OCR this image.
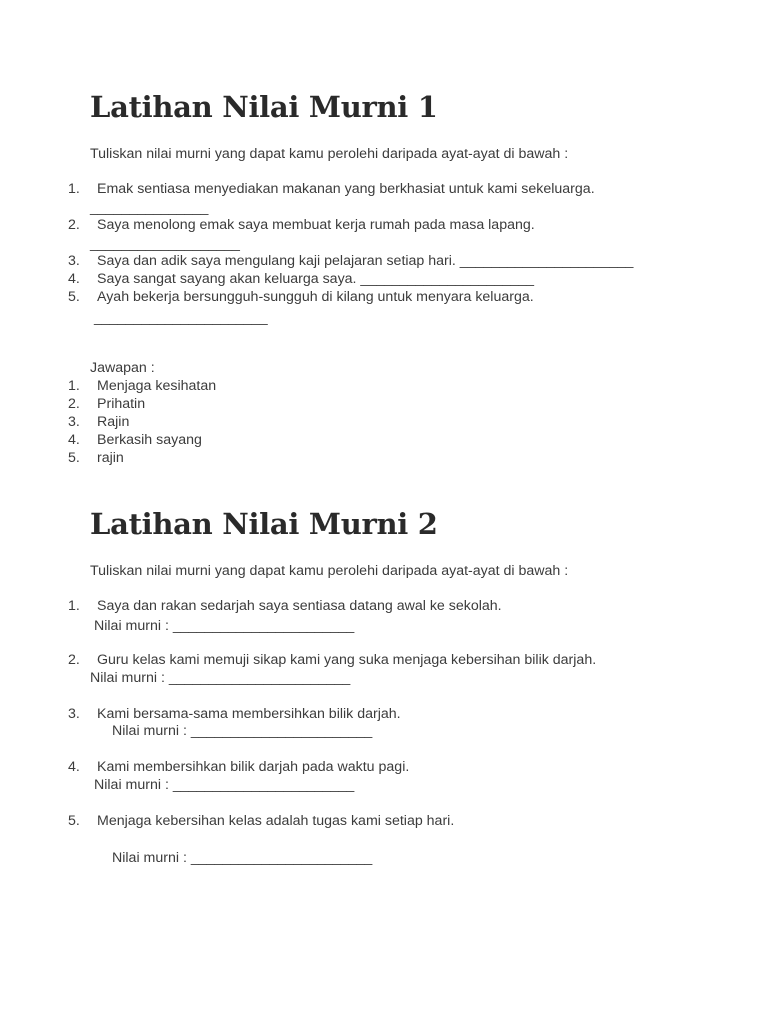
Latihan Nilai Murni 1
Tuliskan nilai murni yang dapat kamu perolehi daripada ayat-ayat di bawah :
1. Emak sentiasa menyediakan makanan yang berkhasiat untuk kami sekeluarga.
_______________
2. Saya menolong emak saya membuat kerja rumah pada masa lapang.
___________________
3. Saya dan adik saya mengulang kaji pelajaran setiap hari. ______________________
4. Saya sangat sayang akan keluarga saya. ______________________
5. Ayah bekerja bersungguh-sungguh di kilang untuk menyara keluarga.
______________________
Jawapan :
1. Menjaga kesihatan
2. Prihatin
3. Rajin
4. Berkasih sayang
5. rajin
Latihan Nilai Murni 2
Tuliskan nilai murni yang dapat kamu perolehi daripada ayat-ayat di bawah :
1. Saya dan rakan sedarjah saya sentiasa datang awal ke sekolah.
Nilai murni : _______________________
2. Guru kelas kami memuji sikap kami yang suka menjaga kebersihan bilik darjah.
Nilai murni : _______________________
3. Kami bersama-sama membersihkan bilik darjah.
Nilai murni : _______________________
4. Kami membersihkan bilik darjah pada waktu pagi.
Nilai murni : _______________________
5. Menjaga kebersihan kelas adalah tugas kami setiap hari.
Nilai murni : _______________________
